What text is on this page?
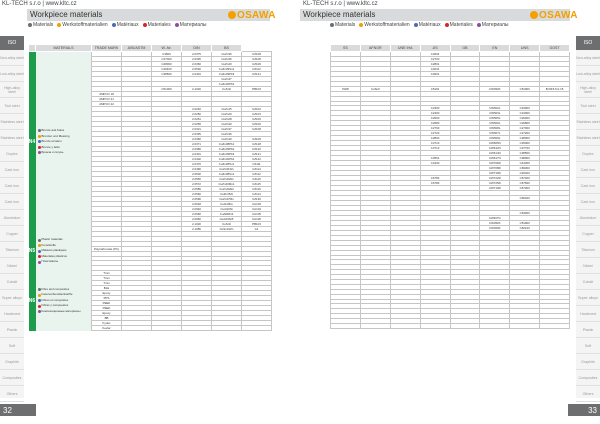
KL-TECH s.r.o | www.kltc.cz
Workpiece materials	OSAWA
Materials Werkstoffmaterialien Matériaux Materiales Материалы
ISO
Non-alloy steel
Low-alloy steel
High-alloy steel
Tool steel
Stainless steel
Stainless steel
Duplex
Cast iron
Cast iron
Cast iron
Aluminium
Copper
Titanium
Nickel
Cobalt
Super alloys
Hardened
Plastic
Soft
Graphite
Composites
Others
	MATERIALS	TRADE MARK	AISI/ASTM	W.-Nr.	DIN	BS	
N4	Bronze and brass
Bronzen und Messing
Bronze et laiton
Bronce y latón
Бронза и латунь			C3600	2.0375	CuZn36	CZ108
				C27000	2.0335	CuZn36	CZ108
				C28000	2.0360	CuZn40	CZ109
				C46400	2.0530	CuZn39Sn1	CZ112
				C38500	2.0401	CuZn39Pb3	CZ121
						CuZn37	
						CuZn40Pb2	
				C51000	2.1020	CuSn6	PB103
		AMPCO 18					
		AMPCO 21					
		AMPCO 22					
					2.0240	CuZn15	CZ102
					2.0250	CuZn20	CZ103
					2.0261	CuZn28	CZ106
					2.0265	CuZn30	CZ106
					2.0321	CuZn37	CZ108
					2.0335	CuZn36	
					2.0360	CuZn40	CZ109
					2.0371	CuZn38Pb1	CZ128
					2.0380	CuZn39Pb2	CZ120
					2.0401	CuZn39Pb3	CZ121
					2.0402	CuZn40Pb2	CZ122
					2.0470	CuZn28Sn1	CZ111
					2.0490	CuZn31Si1	CZ114
					2.0500	CuZn38Sn1	CZ112
					2.0550	CuZn40Al1	CZ116
					2.0572	CuZn40Mn1	CZ115
					2.0580	CuZn40Al2	CZ116
					2.0592	CuZn35Al	CZ114
					2.0596	CuZn37Mn	CZ136
					2.0918	CuAl10Fe	CA103
					2.0940	CuAl10Ni	CA104
					2.0960	CuAl9Mn2	CA105
					2.0966	CuAl10Ni5	CA106
					2.1020	CuSn6	PB103
					2.1086	CuSn10Zn	G1
N5	Plastic materials
Kunststoffe
Matières plastiques
Materiales plásticos
Пластмассы						

		Polycarbonate (PC)					

N6	Fibre and composites
Faserverbundwerkstoffe
Fibres et composites
Fibras y compuestos
Композиционные материалы	Tmm					
		Tmm					
		Tmm					
		BHs					
		Epoxy					
		PPS					
		PEEK					
		PEEK					
		Epoxy					
		BB					
		Kydex					
		Kevlar					
32
KL-TECH s.r.o | www.kltc.cz
Workpiece materials	OSAWA
Materials Werkstoffmaterialien Matériaux Materiales Материалы
ISO
Non-alloy steel
Low-alloy steel
High-alloy steel
Tool steel
Stainless steel
Stainless steel
Duplex
Cast iron
Cast iron
Cast iron
Aluminium
Copper
Titanium
Nickel
Cobalt
Super alloys
Hardened
Plastic
Soft
Graphite
Composites
Others
SS	AFNOR	UNE IHA	JIS	GB	EN	UNS	GOST
			C3604				
			C2700				
			C2801				
			C4641				
			C3601				

5428	CuSn6		C5191		CW452K	C51900	BrOF6.5-0.15

			C2300		CW502L	C23000	
			C2400		CW503L	C24000	
			C2600		CW505L	C26000	
			C2680		CW506L	C26800	
			C2700		CW508L	C27000	
			C2720		CW507L	C27200	
			C2800		CW509L	C28000	
			C3710		CW605N	C35000	
			C3713		CW612N	C37700	
					CW614N	C38500	
			C3561		CW617N	C38000	
			C4430		CW706R	C44300	
					CW708R	C69300	
					CW719R	C46400	
			C6782		CW722R	C67400	
			C6783		CW725R	C67500	
					CW710R	C67000	

						C66400	

						C63000	
					CW307G		
					CW452K	C51900	
					CW453K	C52100	

33
